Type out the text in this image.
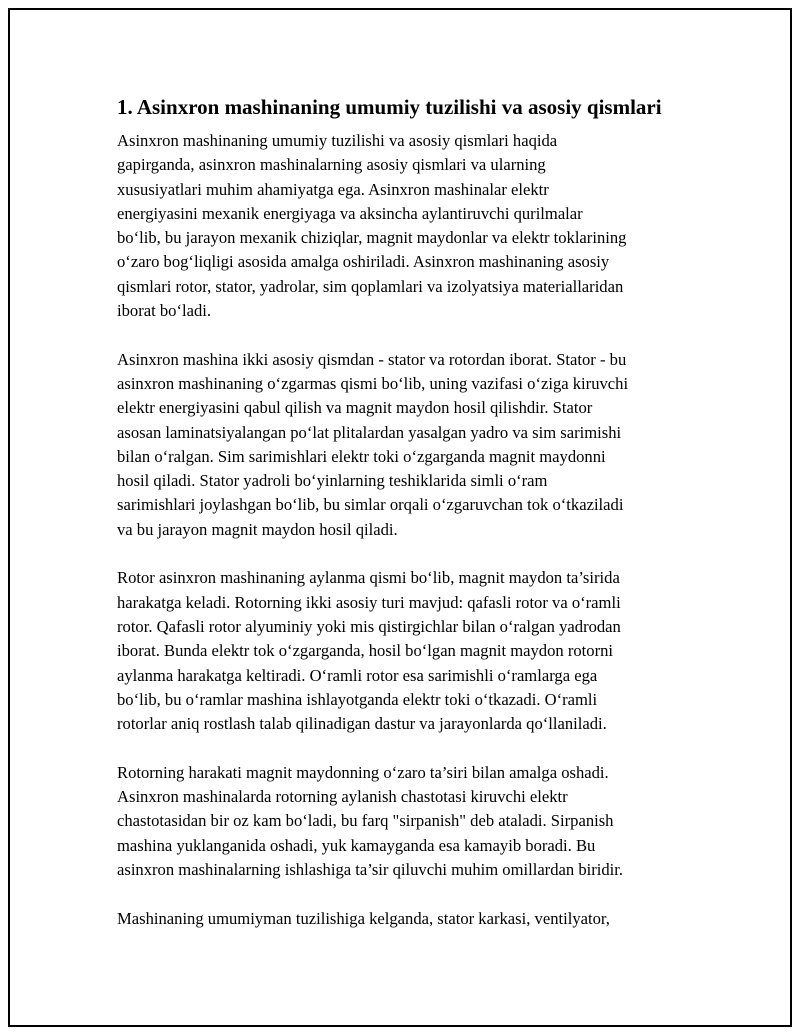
1. Asinxron mashinaning umumiy tuzilishi va asosiy qismlari

Asinxron mashinaning umumiy tuzilishi va asosiy qismlari haqida
gapirganda, asinxron mashinalarning asosiy qismlari va ularning
xususiyatlari muhim ahamiyatga ega. Asinxron mashinalar elektr
energiyasini mexanik energiyaga va aksincha aylantiruvchi qurilmalar
bo‘lib, bu jarayon mexanik chiziqlar, magnit maydonlar va elektr toklarining
o‘zaro bog‘liqligi asosida amalga oshiriladi. Asinxron mashinaning asosiy
qismlari rotor, stator, yadrolar, sim qoplamlari va izolyatsiya materiallaridan
iborat bo‘ladi.

Asinxron mashina ikki asosiy qismdan - stator va rotordan iborat. Stator - bu
asinxron mashinaning o‘zgarmas qismi bo‘lib, uning vazifasi o‘ziga kiruvchi
elektr energiyasini qabul qilish va magnit maydon hosil qilishdir. Stator
asosan laminatsiyalangan po‘lat plitalardan yasalgan yadro va sim sarimishi
bilan o‘ralgan. Sim sarimishlari elektr toki o‘zgarganda magnit maydonni
hosil qiladi. Stator yadroli bo‘yinlarning teshiklarida simli o‘ram
sarimishlari joylashgan bo‘lib, bu simlar orqali o‘zgaruvchan tok o‘tkaziladi
va bu jarayon magnit maydon hosil qiladi.

Rotor asinxron mashinaning aylanma qismi bo‘lib, magnit maydon ta’sirida
harakatga keladi. Rotorning ikki asosiy turi mavjud: qafasli rotor va o‘ramli
rotor. Qafasli rotor alyuminiy yoki mis qistirgichlar bilan o‘ralgan yadrodan
iborat. Bunda elektr tok o‘zgarganda, hosil bo‘lgan magnit maydon rotorni
aylanma harakatga keltiradi. O‘ramli rotor esa sarimishli o‘ramlarga ega
bo‘lib, bu o‘ramlar mashina ishlayotganda elektr toki o‘tkazadi. O‘ramli
rotorlar aniq rostlash talab qilinadigan dastur va jarayonlarda qo‘llaniladi.

Rotorning harakati magnit maydonning o‘zaro ta’siri bilan amalga oshadi.
Asinxron mashinalarda rotorning aylanish chastotasi kiruvchi elektr
chastotasidan bir oz kam bo‘ladi, bu farq "sirpanish" deb ataladi. Sirpanish
mashina yuklanganida oshadi, yuk kamayganda esa kamayib boradi. Bu
asinxron mashinalarning ishlashiga ta’sir qiluvchi muhim omillardan biridir.

Mashinaning umumiyman tuzilishiga kelganda, stator karkasi, ventilyator,
